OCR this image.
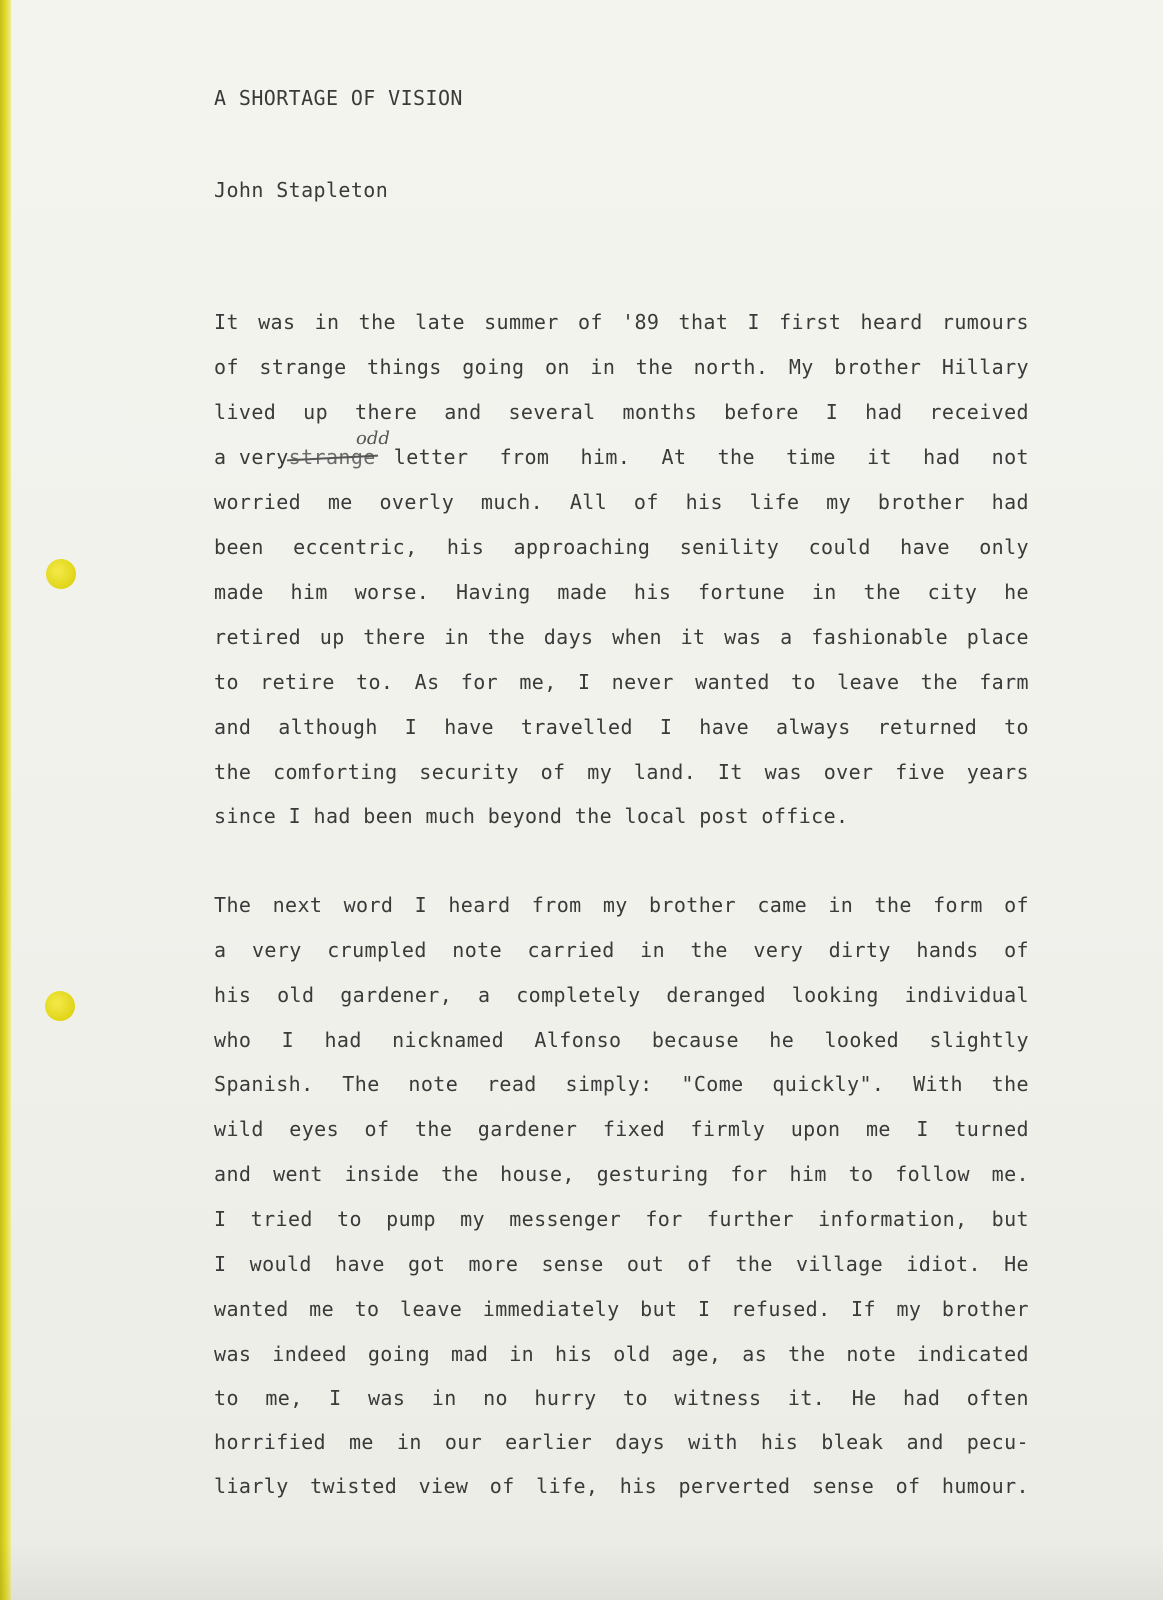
A SHORTAGE OF VISION
John Stapleton
It was in the late summer of '89 that I first heard rumours
of strange things going on in the north. My brother Hillary
lived up there and several months before I had received
a very strange letter from him. At the time it had not
odd
worried me overly much. All of his life my brother had
been eccentric, his approaching senility could have only
made him worse. Having made his fortune in the city he
retired up there in the days when it was a fashionable place
to retire to. As for me, I never wanted to leave the farm
and although I have travelled I have always returned to
the comforting security of my land. It was over five years
since I had been much beyond the local post office.
The next word I heard from my brother came in the form of
a very crumpled note carried in the very dirty hands of
his old gardener, a completely deranged looking individual
who I had nicknamed Alfonso because he looked slightly
Spanish. The note read simply: "Come quickly". With the
wild eyes of the gardener fixed firmly upon me I turned
and went inside the house, gesturing for him to follow me.
I tried to pump my messenger for further information, but
I would have got more sense out of the village idiot. He
wanted me to leave immediately but I refused. If my brother
was indeed going mad in his old age, as the note indicated
to me, I was in no hurry to witness it. He had often
horrified me in our earlier days with his bleak and pecu-
liarly twisted view of life, his perverted sense of humour.
